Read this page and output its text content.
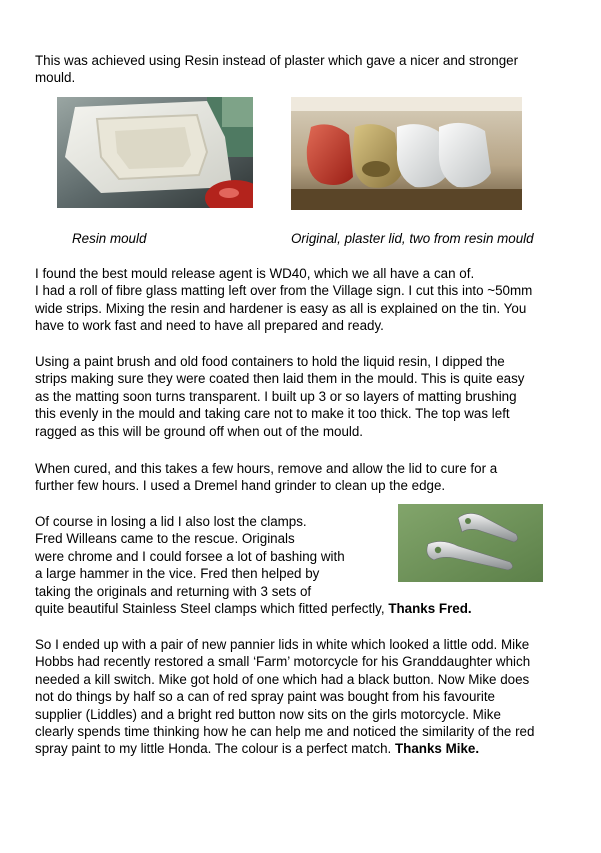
This was achieved using Resin instead of plaster which gave a nicer and stronger
mould.
Resin mould	Original, plaster lid, two from resin mould
I found the best mould release agent is WD40, which we all have a can of.
I had a roll of fibre glass matting left over from the Village sign. I cut this into ~50mm
wide strips. Mixing the resin and hardener is easy as all is explained on the tin. You
have to work fast and need to have all prepared and ready.
Using a paint brush and old food containers to hold the liquid resin, I dipped the
strips making sure they were coated then laid them in the mould. This is quite easy
as the matting soon turns transparent. I built up 3 or so layers of matting brushing
this evenly in the mould and taking care not to make it too thick. The top was left
ragged as this will be ground off when out of the mould.
When cured, and this takes a few hours, remove and allow the lid to cure for a
further few hours. I used a Dremel hand grinder to clean up the edge.
Of course in losing a lid I also lost the clamps.
Fred Willeans came to the rescue. Originals
were chrome and I could forsee a lot of bashing with
a large hammer in the vice. Fred then helped by
taking the originals and returning with 3 sets of
quite beautiful Stainless Steel clamps which fitted perfectly, Thanks Fred.
So I ended up with a pair of new pannier lids in white which looked a little odd. Mike
Hobbs had recently restored a small ‘Farm’ motorcycle for his Granddaughter which
needed a kill switch. Mike got hold of one which had a black button. Now Mike does
not do things by half so a can of red spray paint was bought from his favourite
supplier (Liddles) and a bright red button now sits on the girls motorcycle. Mike
clearly spends time thinking how he can help me and noticed the similarity of the red
spray paint to my little Honda. The colour is a perfect match. Thanks Mike.
